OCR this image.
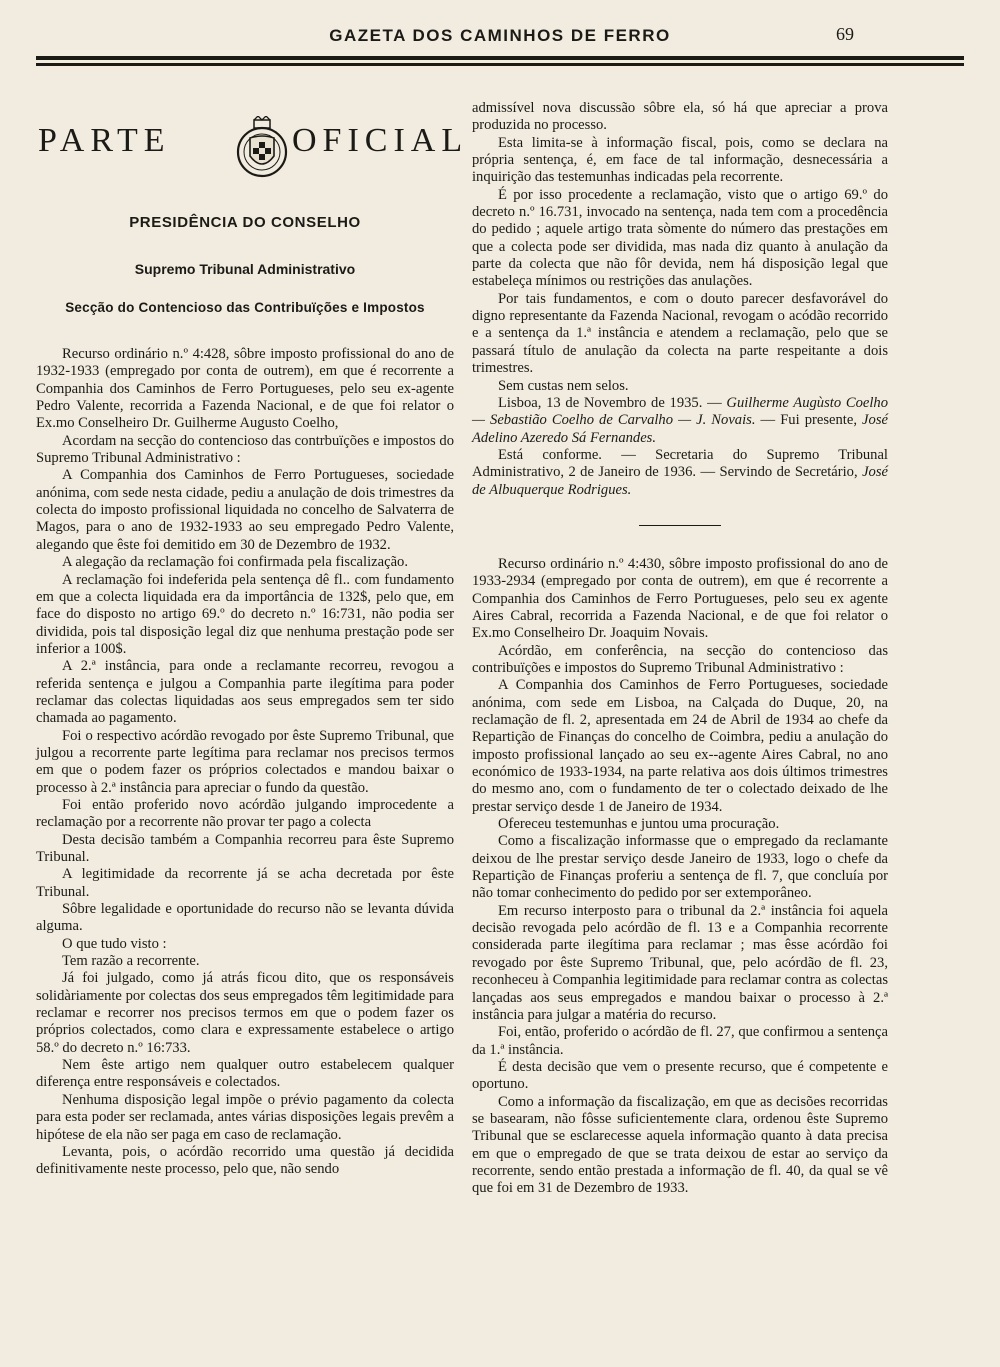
GAZETA DOS CAMINHOS DE FERRO	69
PARTE	OFICIAL
PRESIDÊNCIA DO CONSELHO
Supremo Tribunal Administrativo
Secção do Contencioso das Contribuïções e Impostos

Recurso ordinário n.º 4:428, sôbre imposto profissional do ano de 1932-1933 (empregado por conta de outrem), em que é recorrente a Companhia dos Caminhos de Ferro Portugueses, pelo seu ex-agente Pedro Valente, recorrida a Fazenda Nacional, e de que foi relator o Ex.mo Conselheiro Dr. Guilherme Augusto Coelho,

Acordam na secção do contencioso das contrbuïções e impostos do Supremo Tribunal Administrativo :

A Companhia dos Caminhos de Ferro Portugueses, sociedade anónima, com sede nesta cidade, pediu a anulação de dois trimestres da colecta do imposto profissional liquidada no concelho de Salvaterra de Magos, para o ano de 1932-1933 ao seu empregado Pedro Valente, alegando que êste foi demitido em 30 de Dezembro de 1932.

A alegação da reclamação foi confirmada pela fiscalização.

A reclamação foi indeferida pela sentença dê fl.. com fundamento em que a colecta liquidada era da importância de 132$, pelo que, em face do disposto no artigo 69.º do decreto n.º 16:731, não podia ser dividida, pois tal disposição legal diz que nenhuma prestação pode ser inferior a 100$.

A 2.ª instância, para onde a reclamante recorreu, revogou a referida sentença e julgou a Companhia parte ilegítima para poder reclamar das colectas liquidadas aos seus empregados sem ter sido chamada ao pagamento.

Foi o respectivo acórdão revogado por êste Supremo Tribunal, que julgou a recorrente parte legítima para reclamar nos precisos termos em que o podem fazer os próprios colectados e mandou baixar o processo à 2.ª instância para apreciar o fundo da questão.

Foi então proferido novo acórdão julgando improcedente a reclamação por a recorrente não provar ter pago a colecta

Desta decisão também a Companhia recorreu para êste Supremo Tribunal.

A legitimidade da recorrente já se acha decretada por êste Tribunal.

Sôbre legalidade e oportunidade do recurso não se levanta dúvida alguma.

O que tudo visto :

Tem razão a recorrente.

Já foi julgado, como já atrás ficou dito, que os responsáveis solidàriamente por colectas dos seus empregados têm legitimidade para reclamar e recorrer nos precisos termos em que o podem fazer os próprios colectados, como clara e expressamente estabelece o artigo 58.º do decreto n.º 16:733.

Nem êste artigo nem qualquer outro estabelecem qualquer diferença entre responsáveis e colectados.

Nenhuma disposição legal impõe o prévio pagamento da colecta para esta poder ser reclamada, antes várias disposições legais prevêm a hipótese de ela não ser paga em caso de reclamação.

Levanta, pois, o acórdão recorrido uma questão já decidida definitivamente neste processo, pelo que, não sendo

admissível nova discussão sôbre ela, só há que apreciar a prova produzida no processo.

Esta limita-se à informação fiscal, pois, como se declara na própria sentença, é, em face de tal informação, desnecessária a inquirição das testemunhas indicadas pela recorrente.

É por isso procedente a reclamação, visto que o artigo 69.º do decreto n.º 16.731, invocado na sentença, nada tem com a procedência do pedido ; aquele artigo trata sòmente do número das prestações em que a colecta pode ser dividida, mas nada diz quanto à anulação da parte da colecta que não fôr devida, nem há disposição legal que estabeleça mínimos ou restrições das anulações.

Por tais fundamentos, e com o douto parecer desfavorável do digno representante da Fazenda Nacional, revogam o acódão recorrido e a sentença da 1.ª instância e atendem a reclamação, pelo que se passará título de anulação da colecta na parte respeitante a dois trimestres.

Sem custas nem selos.

Lisboa, 13 de Novembro de 1935. — Guilherme Augùsto Coelho — Sebastião Coelho de Carvalho — J. Novais. — Fui presente, José Adelino Azeredo Sá Fernandes.

Está conforme. — Secretaria do Supremo Tribunal Administrativo, 2 de Janeiro de 1936. — Servindo de Secretário, José de Albuquerque Rodrigues.

Recurso ordinário n.º 4:430, sôbre imposto profissional do ano de 1933-2934 (empregado por conta de outrem), em que é recorrente a Companhia dos Caminhos de Ferro Portugueses, pelo seu ex agente Aires Cabral, recorrida a Fazenda Nacional, e de que foi relator o Ex.mo Conselheiro Dr. Joaquim Novais.

Acórdão, em conferência, na secção do contencioso das contribuïções e impostos do Supremo Tribunal Administrativo :

A Companhia dos Caminhos de Ferro Portugueses, sociedade anónima, com sede em Lisboa, na Calçada do Duque, 20, na reclamação de fl. 2, apresentada em 24 de Abril de 1934 ao chefe da Repartição de Finanças do concelho de Coimbra, pediu a anulação do imposto profissional lançado ao seu ex--agente Aires Cabral, no ano económico de 1933-1934, na parte relativa aos dois últimos trimestres do mesmo ano, com o fundamento de ter o colectado deixado de lhe prestar serviço desde 1 de Janeiro de 1934.

Ofereceu testemunhas e juntou uma procuração.

Como a fiscalização informasse que o empregado da reclamante deixou de lhe prestar serviço desde Janeiro de 1933, logo o chefe da Repartição de Finanças proferiu a sentença de fl. 7, que concluía por não tomar conhecimento do pedido por ser extemporâneo.

Em recurso interposto para o tribunal da 2.ª instância foi aquela decisão revogada pelo acórdão de fl. 13 e a Companhia recorrente considerada parte ilegítima para reclamar ; mas êsse acórdão foi revogado por êste Supremo Tribunal, que, pelo acórdão de fl. 23, reconheceu à Companhia legitimidade para reclamar contra as colectas lançadas aos seus empregados e mandou baixar o processo à 2.ª instância para julgar a matéria do recurso.

Foi, então, proferido o acórdão de fl. 27, que confirmou a sentença da 1.ª instância.

É desta decisão que vem o presente recurso, que é competente e oportuno.

Como a informação da fiscalização, em que as decisões recorridas se basearam, não fôsse suficientemente clara, ordenou êste Supremo Tribunal que se esclarecesse aquela informação quanto à data precisa em que o empregado de que se trata deixou de estar ao serviço da recorrente, sendo então prestada a informação de fl. 40, da qual se vê que foi em 31 de Dezembro de 1933.
